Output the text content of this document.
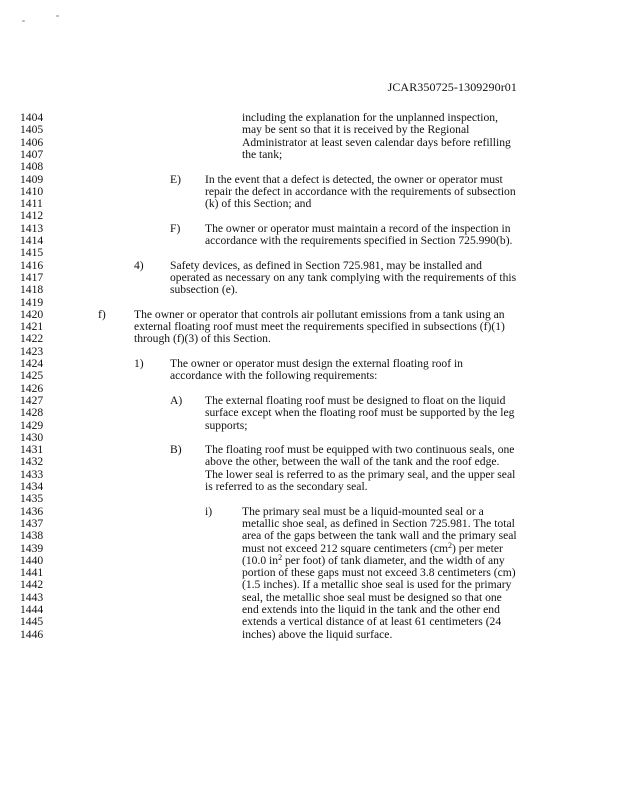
JCAR350725-1309290r01
1404
1405
1406
1407
1408
1409
1410
1411
1412
1413
1414
1415
1416
1417
1418
1419
1420
1421
1422
1423
1424
1425
1426
1427
1428
1429
1430
1431
1432
1433
1434
1435
1436
1437
1438
1439
1440
1441
1442
1443
1444
1445
1446
including the explanation for the unplanned inspection,
may be sent so that it is received by the Regional
Administrator at least seven calendar days before refilling
the tank;
E) In the event that a defect is detected, the owner or operator must
repair the defect in accordance with the requirements of subsection
(k) of this Section; and
F) The owner or operator must maintain a record of the inspection in
accordance with the requirements specified in Section 725.990(b).
4) Safety devices, as defined in Section 725.981, may be installed and
operated as necessary on any tank complying with the requirements of this
subsection (e).
f) The owner or operator that controls air pollutant emissions from a tank using an
external floating roof must meet the requirements specified in subsections (f)(1)
through (f)(3) of this Section.
1) The owner or operator must design the external floating roof in
accordance with the following requirements:
A) The external floating roof must be designed to float on the liquid
surface except when the floating roof must be supported by the leg
supports;
B) The floating roof must be equipped with two continuous seals, one
above the other, between the wall of the tank and the roof edge.
The lower seal is referred to as the primary seal, and the upper seal
is referred to as the secondary seal.
i)	The primary seal must be a liquid-mounted seal or a
metallic shoe seal, as defined in Section 725.981. The total
area of the gaps between the tank wall and the primary seal
must not exceed 212 square centimeters $(cm^2)$ per meter
(10.0 $in^2$ per foot) of tank diameter, and the width of any
portion of these gaps must not exceed 3.8 centimeters (cm)
(1.5 inches). If a metallic shoe seal is used for the primary
seal, the metallic shoe seal must be designed so that one
end extends into the liquid in the tank and the other end
extends a vertical distance of at least 61 centimeters (24
inches) above the liquid surface.
